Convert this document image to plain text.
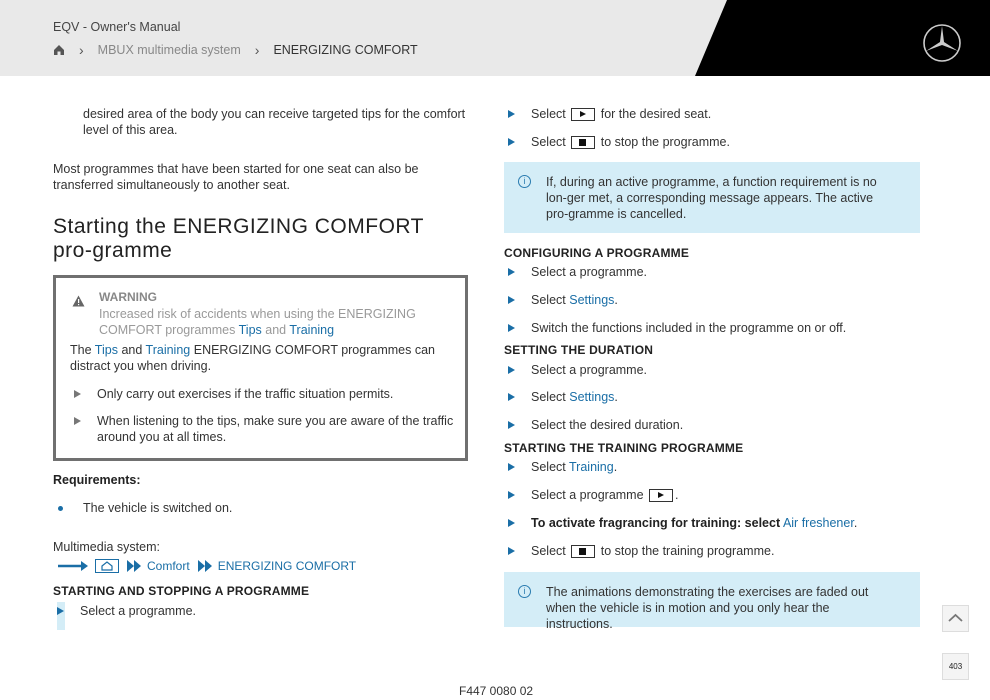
EQV - Owner's Manual
› MBUX multimedia system › ENERGIZING COMFORT

desired area of the body you can receive targeted tips for the comfort level of this area.

Most programmes that have been started for one seat can also be transferred simultaneously to another seat.

Starting the ENERGIZING COMFORT pro-gramme
WARNING

Increased risk of accidents when using the ENERGIZING COMFORT programmes Tips and Training

The Tips and Training ENERGIZING COMFORT programmes can distract you when driving.

Only carry out exercises if the traffic situation permits.

When listening to the tips, make sure you are aware of the traffic around you at all times.

Requirements:
The vehicle is switched on.
Multimedia system:
Comfort ENERGIZING COMFORT
STARTING AND STOPPING A PROGRAMME

Select a programme.

Select	for the desired seat.

Select	to stop the programme.

i	If, during an active programme, a function requirement is no lon-ger met, a corresponding message appears. The active pro-gramme is cancelled.

CONFIGURING A PROGRAMME

Select a programme.

Select Settings.

Switch the functions included in the programme on or off.

SETTING THE DURATION

Select a programme.

Select Settings.

Select the desired duration.

STARTING THE TRAINING PROGRAMME

Select Training.

Select a programme	.

To activate fragrancing for training: select Air freshener.

Select	to stop the training programme.

i	The animations demonstrating the exercises are faded out when the vehicle is in motion and you only hear the instructions.

403
F447 0080 02
